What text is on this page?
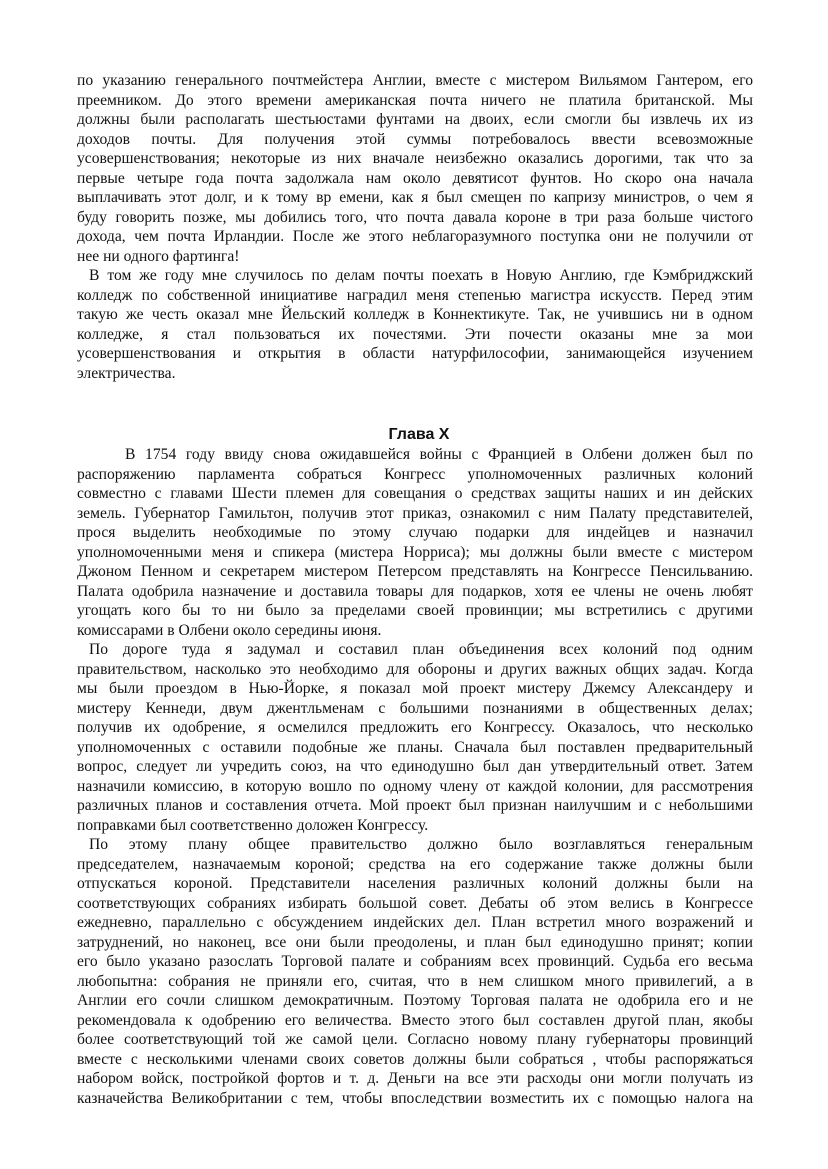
по указанию генерального почтмейстера Англии, вместе с мистером Вильямом Гантером, его
преемником. До этого времени американская почта ничего не платила британской. Мы
должны были располагать шестьюстами фунтами на двоих, если смогли бы извлечь их из
доходов почты. Для получения этой суммы потребовалось ввести всевозможные
усовершенствования; некоторые из них вначале неизбежно оказались дорогими, так что за
первые четыре года почта задолжала нам около девятисот фунтов. Но скоро она начала
выплачивать этот долг, и к тому вр емени, как я был смещен по капризу министров, о чем я
буду говорить позже, мы добились того, что почта давала короне в три раза больше чистого
дохода, чем почта Ирландии. После же этого неблагоразумного поступка они не получили от
нее ни одного фартинга!
В том же году мне случилось по делам почты поехать в Новую Англию, где Кэмбриджский
колледж по собственной инициативе наградил меня степенью магистра искусств. Перед этим
такую же честь оказал мне Йельский колледж в Коннектикуте. Так, не учившись ни в одном
колледже, я стал пользоваться их почестями. Эти почести оказаны мне за мои
усовершенствования и открытия в области натурфилософии, занимающейся изучением
электричества.
Глава X
В 1754 году ввиду снова ожидавшейся войны с Францией в Олбени должен был по
распоряжению парламента собраться Конгресс уполномоченных различных колоний
совместно с главами Шести племен для совещания о средствах защиты наших и ин дейских
земель. Губернатор Гамильтон, получив этот приказ, ознакомил с ним Палату представителей,
прося выделить необходимые по этому случаю подарки для индейцев и назначил
уполномоченными меня и спикера (мистера Норриса); мы должны были вместе с мистером
Джоном Пенном и секретарем мистером Петерсом представлять на Конгрессе Пенсильванию.
Палата одобрила назначение и доставила товары для подарков, хотя ее члены не очень любят
угощать кого бы то ни было за пределами своей провинции; мы встретились с другими
комиссарами в Олбени около середины июня.
По дороге туда я задумал и составил план объединения всех колоний под одним
правительством, насколько это необходимо для обороны и других важных общих задач. Когда
мы были проездом в Нью-Йорке, я показал мой проект мистеру Джемсу Александеру и
мистеру Кеннеди, двум джентльменам с большими познаниями в общественных делах;
получив их одобрение, я осмелился предложить его Конгрессу. Оказалось, что несколько
уполномоченных с оставили подобные же планы. Сначала был поставлен предварительный
вопрос, следует ли учредить союз, на что единодушно был дан утвердительный ответ. Затем
назначили комиссию, в которую вошло по одному члену от каждой колонии, для рассмотрения
различных планов и составления отчета. Мой проект был признан наилучшим и с небольшими
поправками был соответственно доложен Конгрессу.
По этому плану общее правительство должно было возглавляться генеральным
председателем, назначаемым короной; средства на его содержание также должны были
отпускаться короной. Представители населения различных колоний должны были на
соответствующих собраниях избирать большой совет. Дебаты об этом велись в Конгрессе
ежедневно, параллельно с обсуждением индейских дел. План встретил много возражений и
затруднений, но наконец, все они были преодолены, и план был единодушно принят; копии
его было указано разослать Торговой палате и собраниям всех провинций. Судьба его весьма
любопытна: собрания не приняли его, считая, что в нем слишком много привилегий, а в
Англии его сочли слишком демократичным. Поэтому Торговая палата не одобрила его и не
рекомендовала к одобрению его величества. Вместо этого был составлен другой план, якобы
более соответствующий той же самой цели. Согласно новому плану губернаторы провинций
вместе с несколькими членами своих советов должны были собраться , чтобы распоряжаться
набором войск, постройкой фортов и т. д. Деньги на все эти расходы они могли получать из
казначейства Великобритании с тем, чтобы впоследствии возместить их с помощью налога на
